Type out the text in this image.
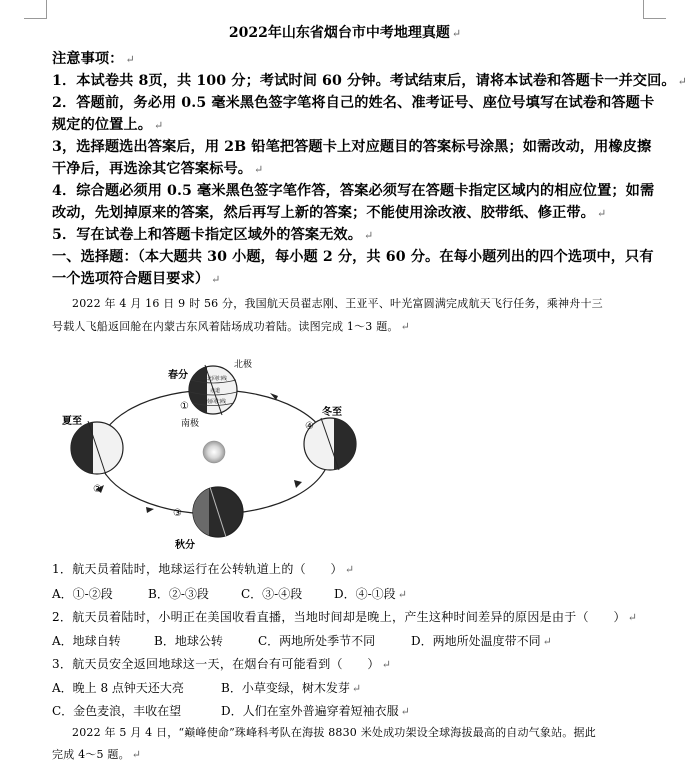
2022年山东省烟台市中考地理真题 ↵
注意事项： ↵
1．本试卷共 8页，共 100 分；考试时间 60 分钟。考试结束后，请将本试卷和答题卡一并交回。 ↵
2．答题前，务必用 0.5 毫米黑色签字笔将自己的姓名、准考证号、座位号填写在试卷和答题卡
规定的位置上。 ↵
3，选择题选出答案后，用 2B 铅笔把答题卡上对应题目的答案标号涂黑；如需改动，用橡皮擦
干净后，再选涂其它答案标号。 ↵
4．综合题必须用 0.5 毫米黑色签字笔作答，答案必须写在答题卡指定区域内的相应位置；如需
改动，先划掉原来的答案，然后再写上新的答案；不能使用涂改液、胶带纸、修正带。 ↵
5．写在试卷上和答题卡指定区域外的答案无效。 ↵
一、选择题：（本大题共 30 小题，每小题 2 分，共 60 分。在每小题列出的四个选项中，只有
一个选项符合题目要求） ↵
2022 年 4 月 16 日 9 时 56 分，我国航天员翟志刚、王亚平、叶光富圆满完成航天飞行任务，乘神舟十三
号载人飞船返回舱在内蒙古东风着陆场成功着陆。读图完成 1～3 题。 ↵
北回归线
赤道
南回归线
春分
北极
南极
夏至
冬至
秋分
①
②
③
④
1．航天员着陆时，地球运行在公转轨道上的（　　） ↵
A．①-②段	B．②-③段	C．③-④段	D．④-①段 ↵
2．航天员着陆时，小明正在美国收看直播，当地时间却是晚上，产生这种时间差异的原因是由于（　　） ↵
A．地球自转	B．地球公转	C．两地所处季节不同	D．两地所处温度带不同 ↵
3．航天员安全返回地球这一天，在烟台有可能看到（　　） ↵
A．晚上 8 点钟天还大亮	B．小草变绿，树木发芽 ↵
C．金色麦浪，丰收在望	D．人们在室外普遍穿着短袖衣服 ↵
2022 年 5 月 4 日，“巅峰使命”珠峰科考队在海拔 8830 米处成功架设全球海拔最高的自动气象站。据此
完成 4～5 题。 ↵
